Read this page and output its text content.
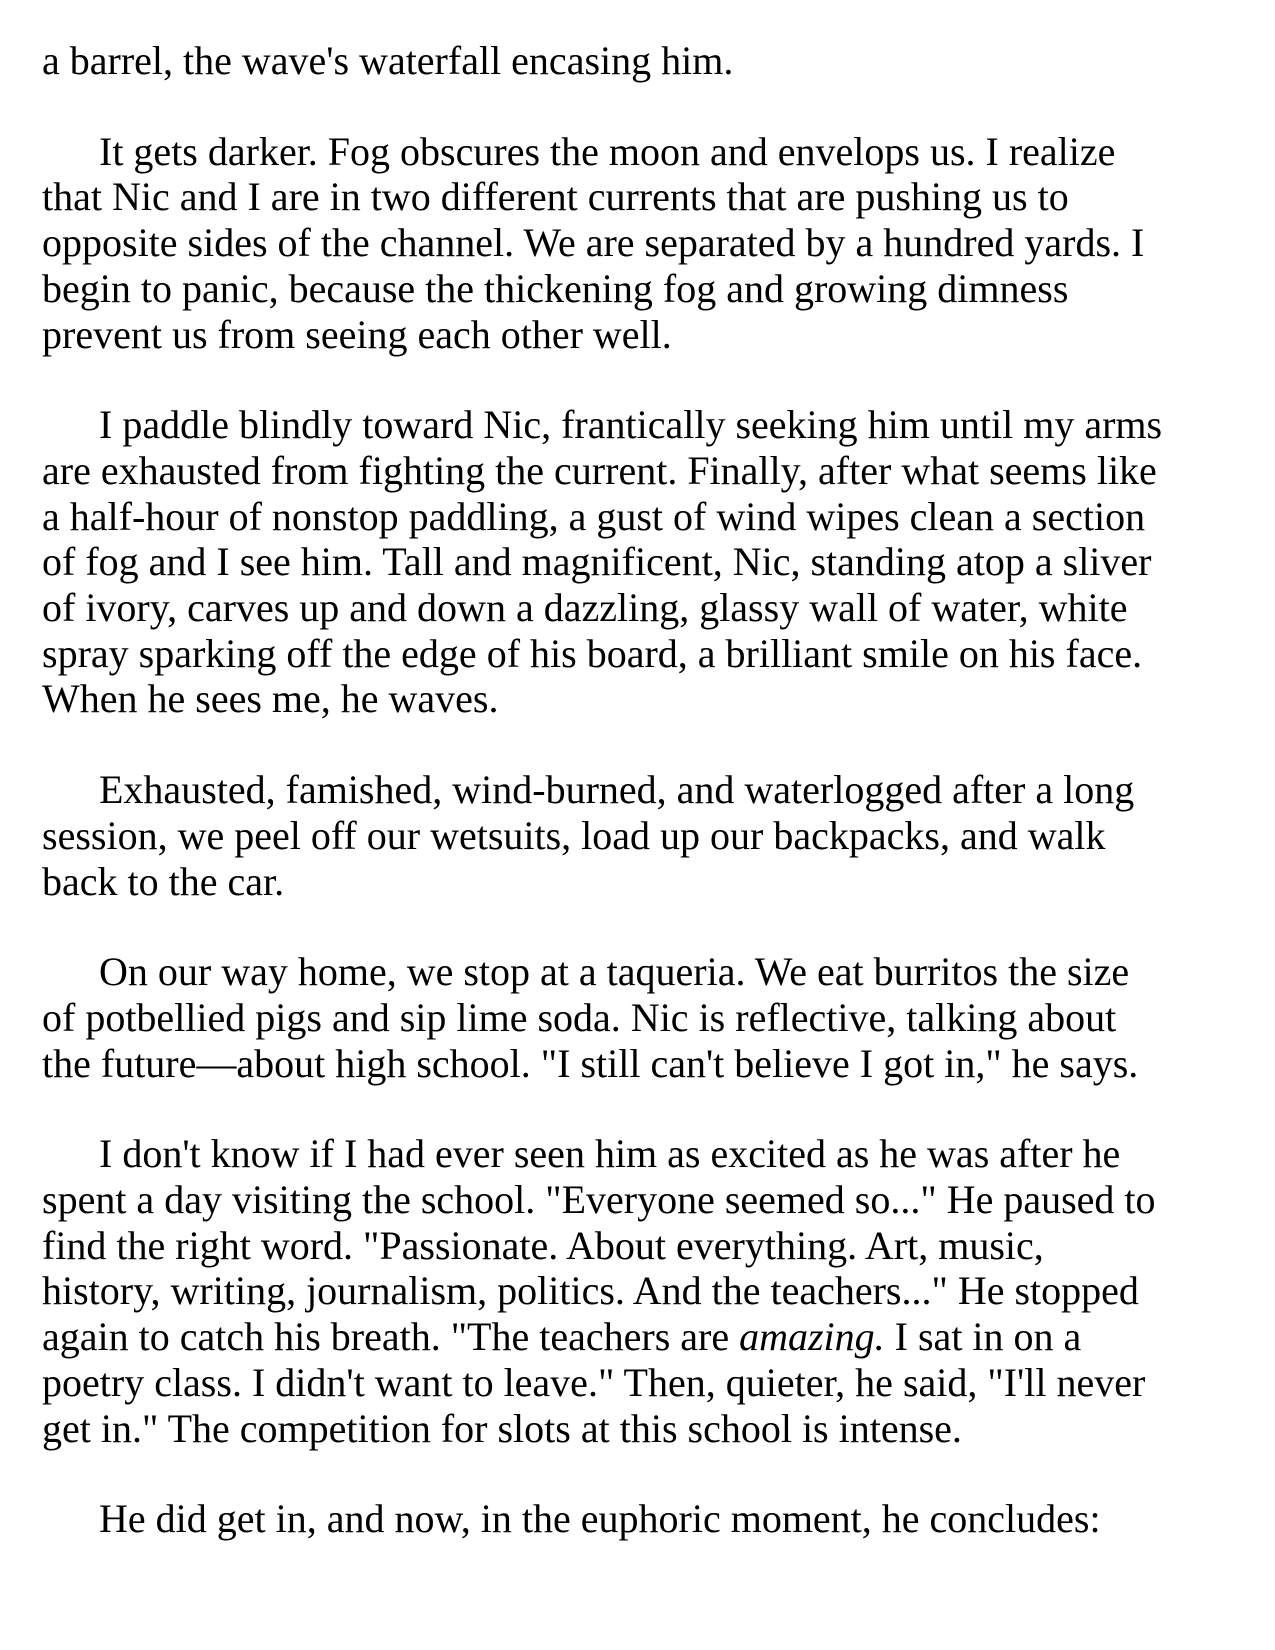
a barrel, the wave's waterfall encasing him.

It gets darker. Fog obscures the moon and envelops us. I realize
that Nic and I are in two different currents that are pushing us to
opposite sides of the channel. We are separated by a hundred yards. I
begin to panic, because the thickening fog and growing dimness
prevent us from seeing each other well.

I paddle blindly toward Nic, frantically seeking him until my arms
are exhausted from fighting the current. Finally, after what seems like
a half-hour of nonstop paddling, a gust of wind wipes clean a section
of fog and I see him. Tall and magnificent, Nic, standing atop a sliver
of ivory, carves up and down a dazzling, glassy wall of water, white
spray sparking off the edge of his board, a brilliant smile on his face.
When he sees me, he waves.

Exhausted, famished, wind-burned, and waterlogged after a long
session, we peel off our wetsuits, load up our backpacks, and walk
back to the car.

On our way home, we stop at a taqueria. We eat burritos the size
of potbellied pigs and sip lime soda. Nic is reflective, talking about
the future—about high school. "I still can't believe I got in," he says.

I don't know if I had ever seen him as excited as he was after he
spent a day visiting the school. "Everyone seemed so..." He paused to
find the right word. "Passionate. About everything. Art, music,
history, writing, journalism, politics. And the teachers..." He stopped
again to catch his breath. "The teachers are amazing. I sat in on a
poetry class. I didn't want to leave." Then, quieter, he said, "I'll never
get in." The competition for slots at this school is intense.

He did get in, and now, in the euphoric moment, he concludes:
